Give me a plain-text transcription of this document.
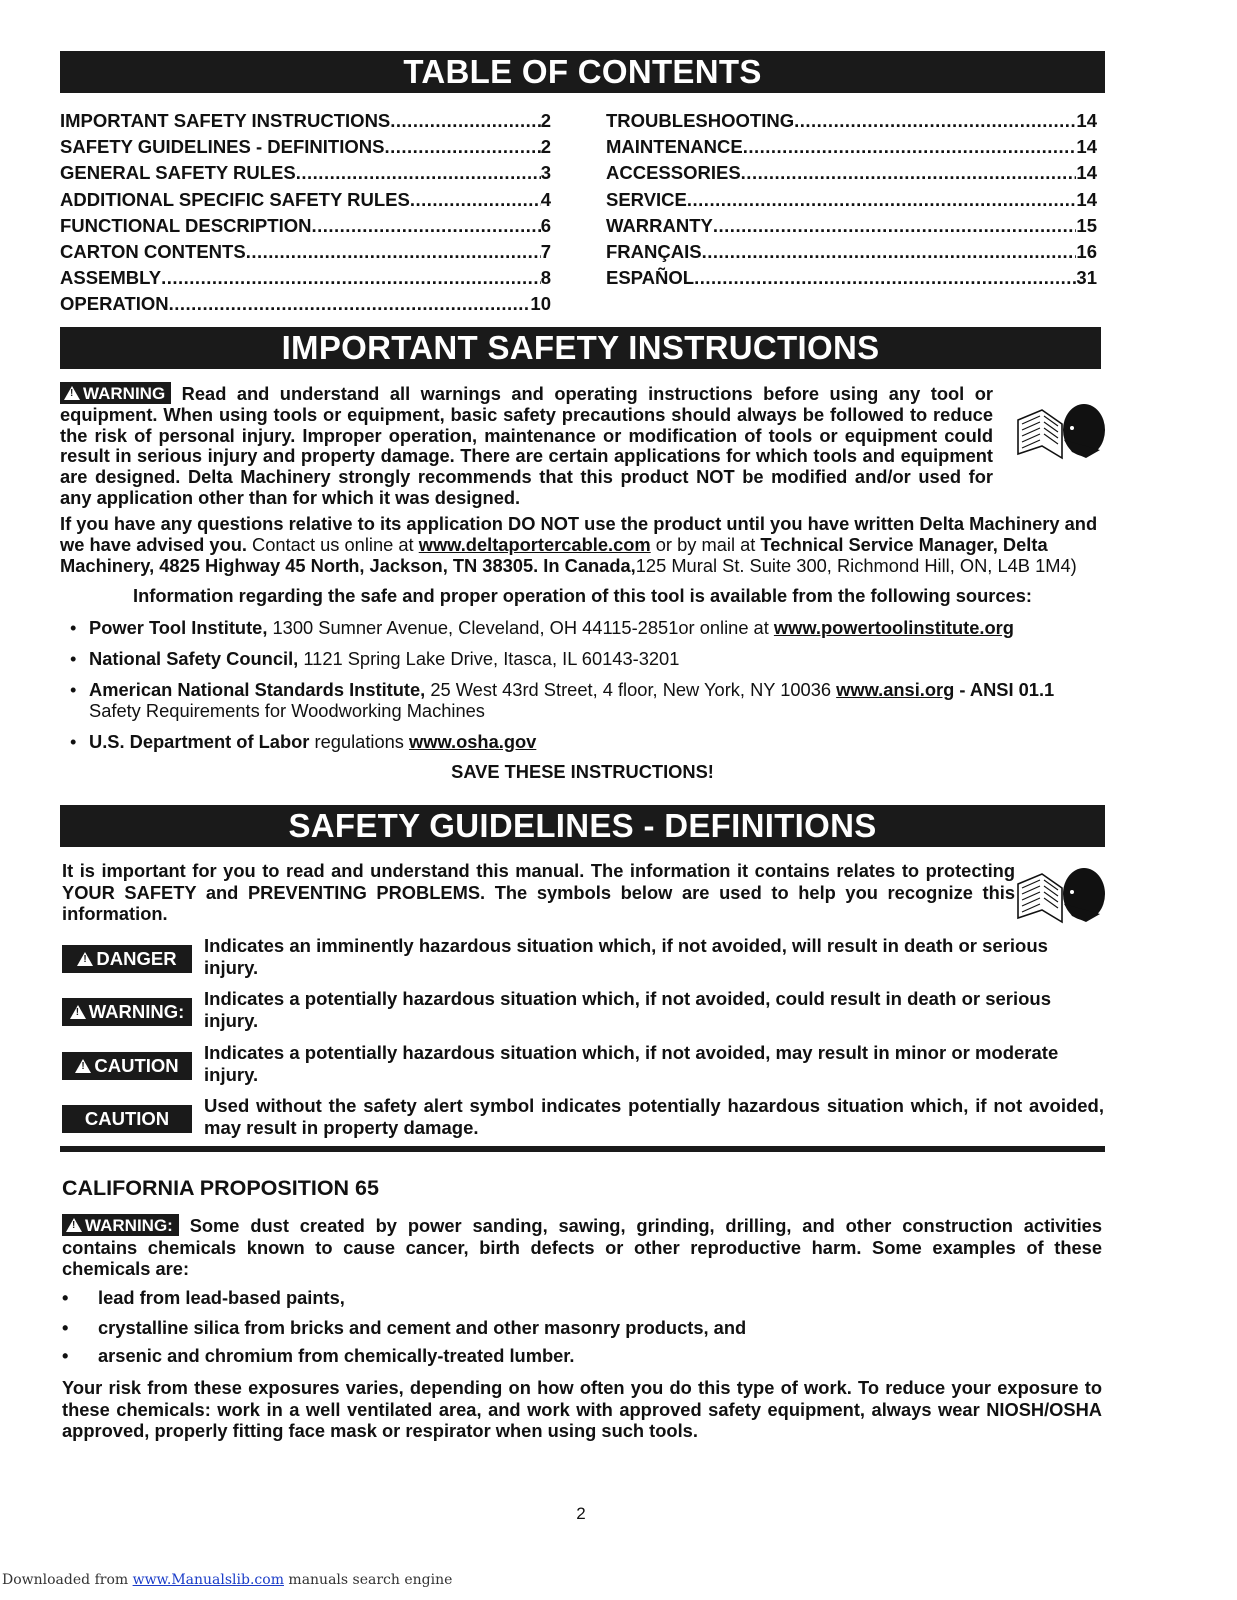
TABLE OF CONTENTS
IMPORTANT SAFETY INSTRUCTIONS .....	2
SAFETY GUIDELINES - DEFINITIONS .....	2
GENERAL SAFETY RULES .....	3
ADDITIONAL SPECIFIC SAFETY RULES .....	4
FUNCTIONAL DESCRIPTION .....	6
CARTON CONTENTS .....	7
ASSEMBLY .....	8
OPERATION .....	10
TROUBLESHOOTING .....	14
MAINTENANCE .....	14
ACCESSORIES .....	14
SERVICE .....	14
WARRANTY .....	15
FRANÇAIS .....	16
ESPAÑOL .....	31
IMPORTANT SAFETY INSTRUCTIONS
!WARNING Read and understand all warnings and operating instructions before using any tool or equipment. When using tools or equipment, basic safety precautions should always be followed to reduce the risk of personal injury. Improper operation, maintenance or modification of tools or equipment could result in serious injury and property damage. There are certain applications for which tools and equipment are designed. Delta Machinery strongly recommends that this product NOT be modified and/or used for any application other than for which it was designed.
If you have any questions relative to its application DO NOT use the product until you have written Delta Machinery and we have advised you. Contact us online at www.deltaportercable.com or by mail at Technical Service Manager, Delta Machinery, 4825 Highway 45 North, Jackson, TN 38305. In Canada,125 Mural St. Suite 300, Richmond Hill, ON, L4B 1M4)
Information regarding the safe and proper operation of this tool is available from the following sources:
• Power Tool Institute, 1300 Sumner Avenue, Cleveland, OH 44115-2851or online at www.powertoolinstitute.org
• National Safety Council, 1121 Spring Lake Drive, Itasca, IL 60143-3201
• American National Standards Institute, 25 West 43rd Street, 4 floor, New York, NY 10036 www.ansi.org - ANSI 01.1
Safety Requirements for Woodworking Machines
• U.S. Department of Labor regulations www.osha.gov
SAVE THESE INSTRUCTIONS!
SAFETY GUIDELINES - DEFINITIONS
It is important for you to read and understand this manual. The information it contains relates to protecting YOUR SAFETY and PREVENTING PROBLEMS. The symbols below are used to help you recognize this information.
!DANGER
Indicates an imminently hazardous situation which, if not avoided, will result in death or serious injury.
!WARNING:
Indicates a potentially hazardous situation which, if not avoided, could result in death or serious injury.
!CAUTION
Indicates a potentially hazardous situation which, if not avoided, may result in minor or moderate injury.
CAUTION
Used without the safety alert symbol indicates potentially hazardous situation which, if not avoided, may result in property damage.
CALIFORNIA PROPOSITION 65
!WARNING: Some dust created by power sanding, sawing, grinding, drilling, and other construction activities contains chemicals known to cause cancer, birth defects or other reproductive harm. Some examples of these chemicals are:
• lead from lead-based paints,
• crystalline silica from bricks and cement and other masonry products, and
• arsenic and chromium from chemically-treated lumber.
Your risk from these exposures varies, depending on how often you do this type of work. To reduce your exposure to these chemicals: work in a well ventilated area, and work with approved safety equipment, always wear NIOSH/OSHA approved, properly fitting face mask or respirator when using such tools.
2
Downloaded from www.Manualslib.com manuals search engine
